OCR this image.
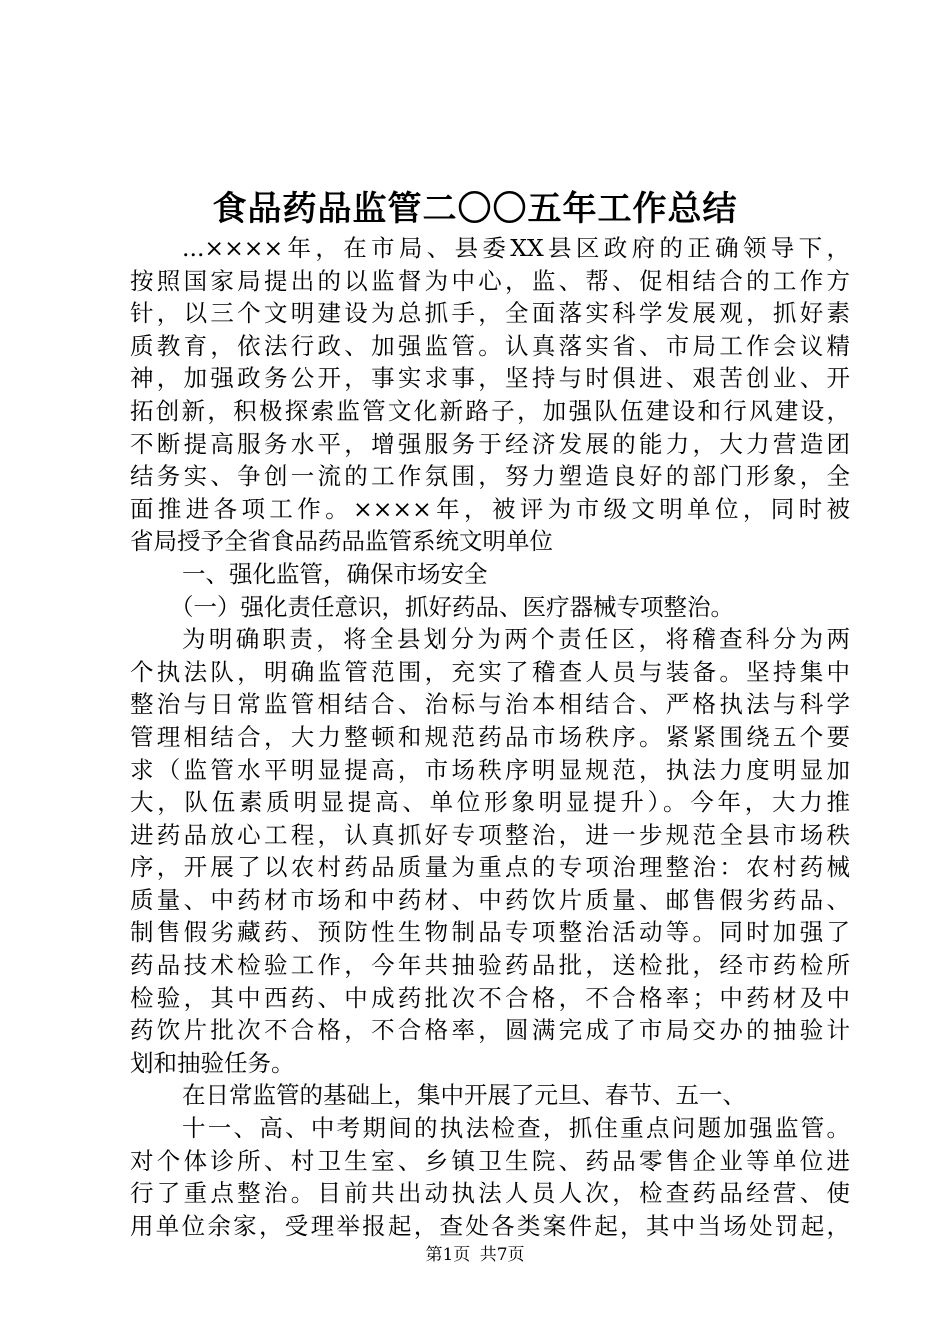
食品药品监管二〇〇五年工作总结
...××××年，在市局、县委XX县区政府的正确领导下，
按照国家局提出的以监督为中心，监、帮、促相结合的工作方
针，以三个文明建设为总抓手，全面落实科学发展观，抓好素
质教育，依法行政、加强监管。认真落实省、市局工作会议精
神，加强政务公开，事实求事，坚持与时俱进、艰苦创业、开
拓创新，积极探索监管文化新路子，加强队伍建设和行风建设，
不断提高服务水平，增强服务于经济发展的能力，大力营造团
结务实、争创一流的工作氛围，努力塑造良好的部门形象，全
面推进各项工作。××××年，被评为市级文明单位，同时被
省局授予全省食品药品监管系统文明单位
一、强化监管，确保市场安全
（一）强化责任意识，抓好药品、医疗器械专项整治。
为明确职责，将全县划分为两个责任区，将稽查科分为两
个执法队，明确监管范围，充实了稽查人员与装备。坚持集中
整治与日常监管相结合、治标与治本相结合、严格执法与科学
管理相结合，大力整顿和规范药品市场秩序。紧紧围绕五个要
求（监管水平明显提高，市场秩序明显规范，执法力度明显加
大，队伍素质明显提高、单位形象明显提升）。今年，大力推
进药品放心工程，认真抓好专项整治，进一步规范全县市场秩
序，开展了以农村药品质量为重点的专项治理整治：农村药械
质量、中药材市场和中药材、中药饮片质量、邮售假劣药品、
制售假劣藏药、预防性生物制品专项整治活动等。同时加强了
药品技术检验工作，今年共抽验药品批，送检批，经市药检所
检验，其中西药、中成药批次不合格，不合格率；中药材及中
药饮片批次不合格，不合格率，圆满完成了市局交办的抽验计
划和抽验任务。
在日常监管的基础上，集中开展了元旦、春节、五一、
十一、高、中考期间的执法检查，抓住重点问题加强监管。
对个体诊所、村卫生室、乡镇卫生院、药品零售企业等单位进
行了重点整治。目前共出动执法人员人次，检查药品经营、使
用单位余家，受理举报起，查处各类案件起，其中当场处罚起，
第1页 共7页
